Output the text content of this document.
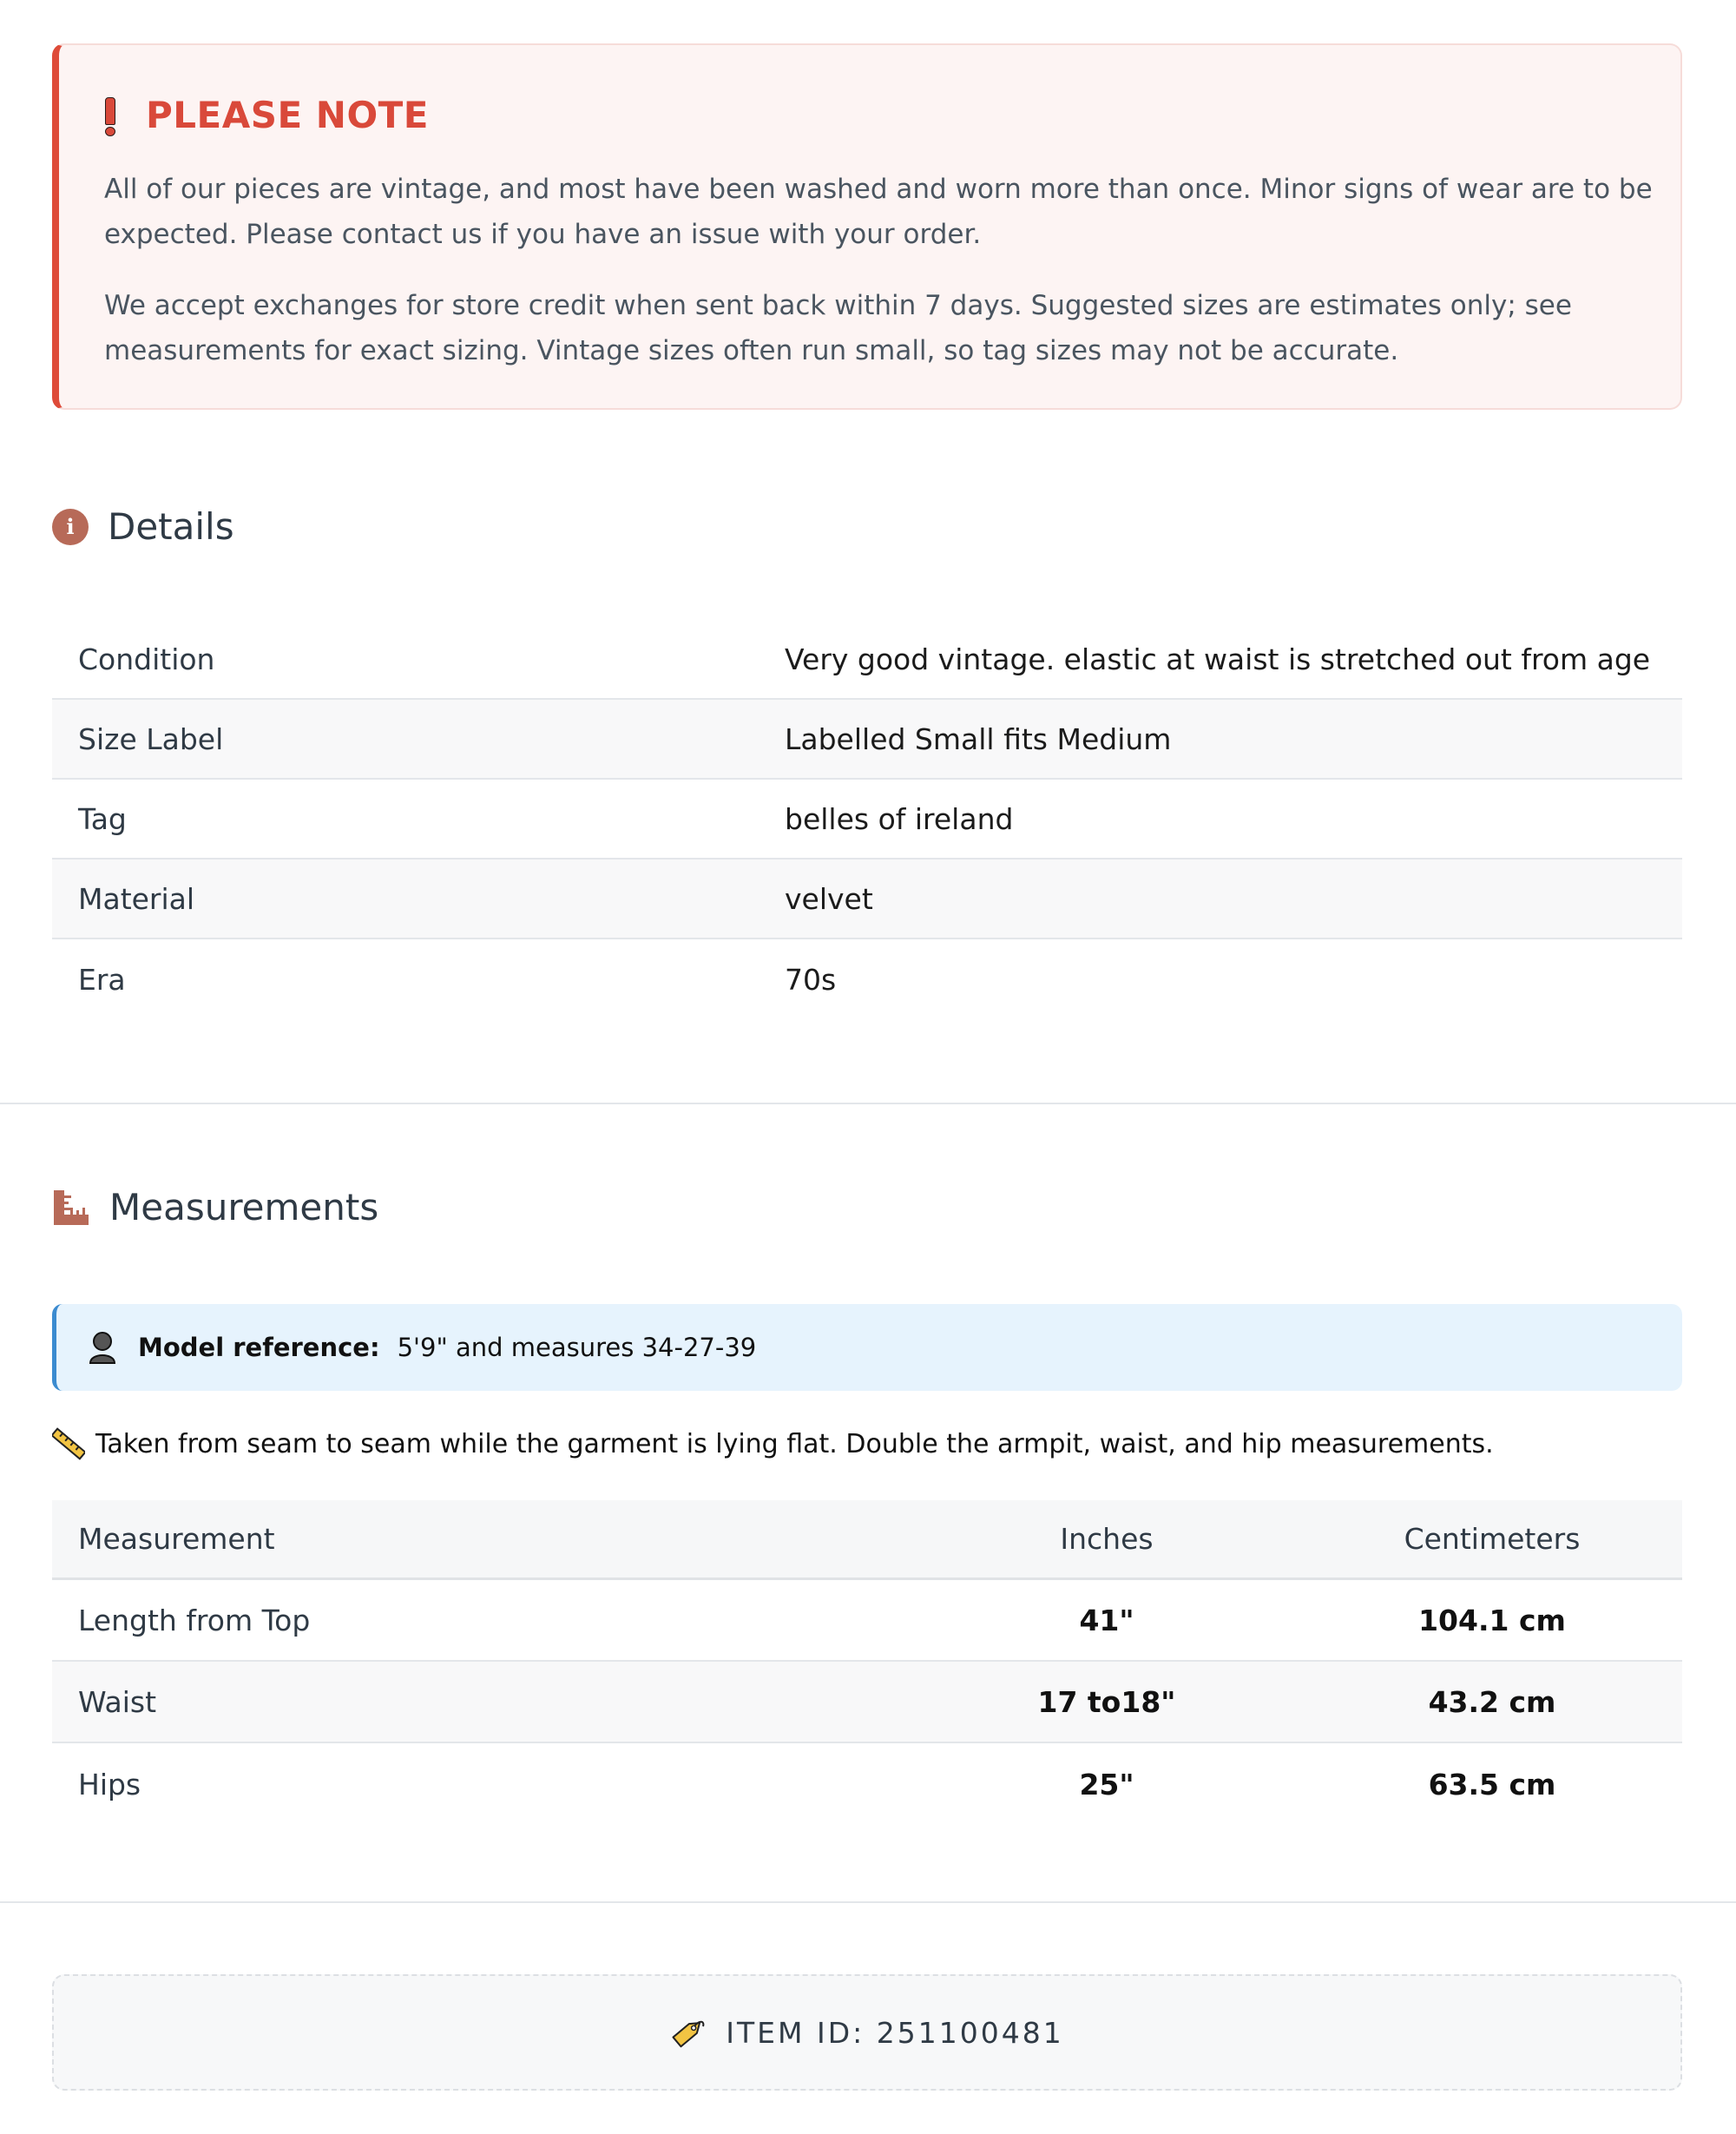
PLEASE NOTE

All of our pieces are vintage, and most have been washed and worn more than once. Minor signs of wear are to be expected. Please contact us if you have an issue with your order.

We accept exchanges for store credit when sent back within 7 days. Suggested sizes are estimates only; see measurements for exact sizing. Vintage sizes often run small, so tag sizes may not be accurate.

i Details
Condition	Very good vintage. elastic at waist is stretched out from age
Size Label	Labelled Small fits Medium
Tag	belles of ireland
Material	velvet
Era	70s
Measurements
Model reference: 5'9" and measures 34-27-39
Taken from seam to seam while the garment is lying flat. Double the armpit, waist, and hip measurements.
Measurement	Inches	Centimeters
Length from Top	41"	104.1 cm
Waist	17 to18"	43.2 cm
Hips	25"	63.5 cm
ITEM ID: 251100481
